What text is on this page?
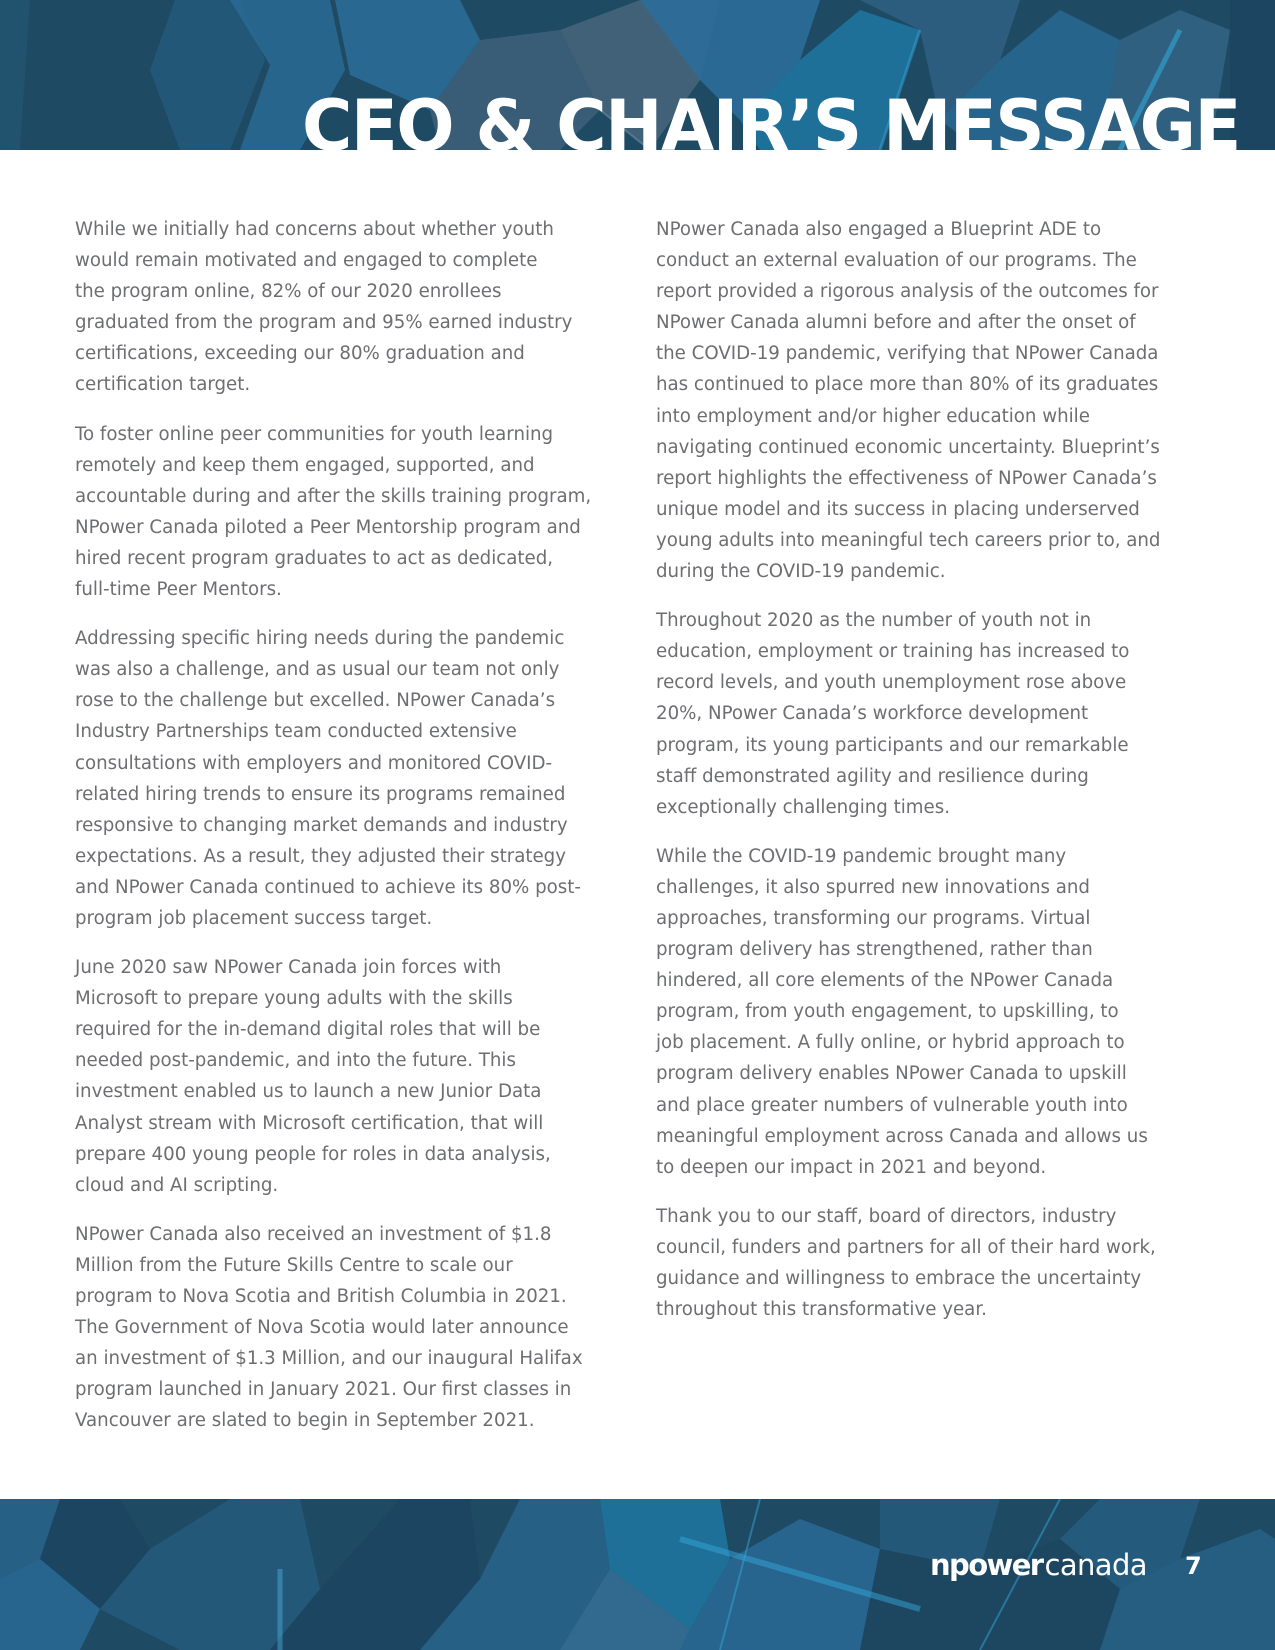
CEO & CHAIR’S MESSAGE

While we initially had concerns about whether youth
would remain motivated and engaged to complete
the program online, 82% of our 2020 enrollees
graduated from the program and 95% earned industry
certifications, exceeding our 80% graduation and
certification target.

To foster online peer communities for youth learning
remotely and keep them engaged, supported, and
accountable during and after the skills training program,
NPower Canada piloted a Peer Mentorship program and
hired recent program graduates to act as dedicated,
full-time Peer Mentors.

Addressing specific hiring needs during the pandemic
was also a challenge, and as usual our team not only
rose to the challenge but excelled. NPower Canada’s
Industry Partnerships team conducted extensive
consultations with employers and monitored COVID-
related hiring trends to ensure its programs remained
responsive to changing market demands and industry
expectations. As a result, they adjusted their strategy
and NPower Canada continued to achieve its 80% post-
program job placement success target.

June 2020 saw NPower Canada join forces with
Microsoft to prepare young adults with the skills
required for the in-demand digital roles that will be
needed post-pandemic, and into the future. This
investment enabled us to launch a new Junior Data
Analyst stream with Microsoft certification, that will
prepare 400 young people for roles in data analysis,
cloud and AI scripting.

NPower Canada also received an investment of $1.8
Million from the Future Skills Centre to scale our
program to Nova Scotia and British Columbia in 2021.
The Government of Nova Scotia would later announce
an investment of $1.3 Million, and our inaugural Halifax
program launched in January 2021. Our first classes in
Vancouver are slated to begin in September 2021.

NPower Canada also engaged a Blueprint ADE to
conduct an external evaluation of our programs. The
report provided a rigorous analysis of the outcomes for
NPower Canada alumni before and after the onset of
the COVID-19 pandemic, verifying that NPower Canada
has continued to place more than 80% of its graduates
into employment and/or higher education while
navigating continued economic uncertainty. Blueprint’s
report highlights the effectiveness of NPower Canada’s
unique model and its success in placing underserved
young adults into meaningful tech careers prior to, and
during the COVID-19 pandemic.

Throughout 2020 as the number of youth not in
education, employment or training has increased to
record levels, and youth unemployment rose above
20%, NPower Canada’s workforce development
program, its young participants and our remarkable
staff demonstrated agility and resilience during
exceptionally challenging times.

While the COVID-19 pandemic brought many
challenges, it also spurred new innovations and
approaches, transforming our programs. Virtual
program delivery has strengthened, rather than
hindered, all core elements of the NPower Canada
program, from youth engagement, to upskilling, to
job placement. A fully online, or hybrid approach to
program delivery enables NPower Canada to upskill
and place greater numbers of vulnerable youth into
meaningful employment across Canada and allows us
to deepen our impact in 2021 and beyond.

Thank you to our staff, board of directors, industry
council, funders and partners for all of their hard work,
guidance and willingness to embrace the uncertainty
throughout this transformative year.

npowercanada 7
